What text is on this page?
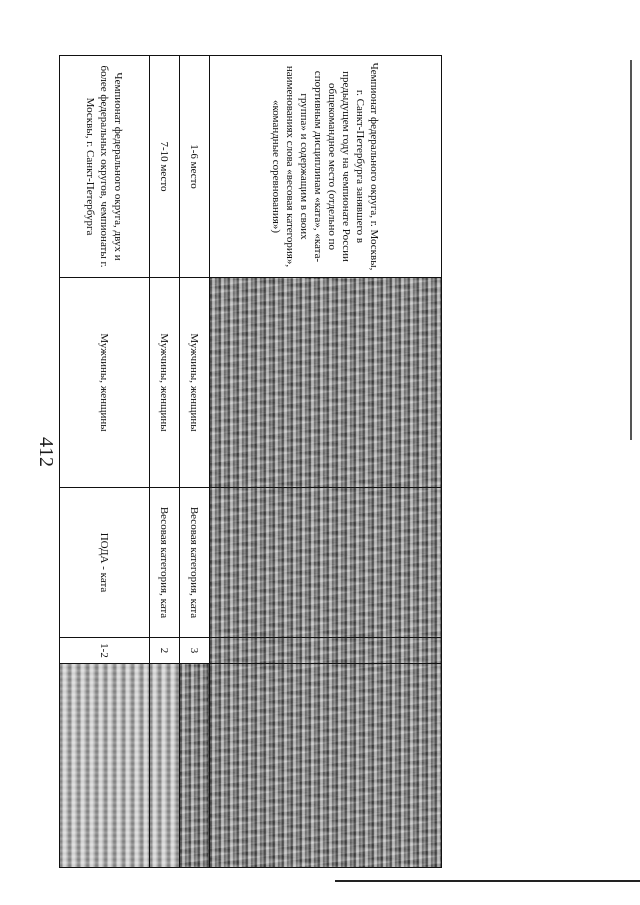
412
Чемпионат федерального округа, г. Москвы, г. Санкт-Петербурга занявшего в предыдущем году на чемпионате России общекомандное место (отдельно по спортивным дисциплинам «ката», «ката-группа» и содержащим в своих наименованиях слова «весовая категория», «командные соревнования»)				
1-6 место	Мужчины, женщины	Весовая категория, ката	3	
7-10 место	Мужчины, женщины	Весовая категория, ката	2	
Чемпионат федерального округа, двух и более федеральных округов, чемпионаты г. Москвы, г. Санкт-Петербурга	Мужчины, женщины	ПОДА - ката	1-2	
